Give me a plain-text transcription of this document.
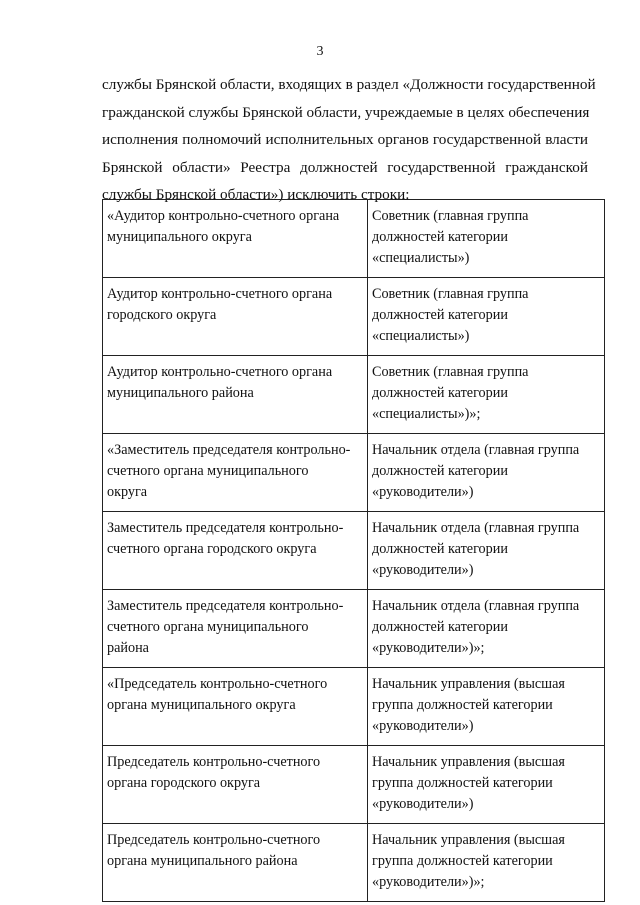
3
службы Брянской области, входящих в раздел «Должности государственной
гражданской службы Брянской области, учреждаемые в целях обеспечения
исполнения полномочий исполнительных органов государственной власти
Брянской области» Реестра должностей государственной гражданской
службы Брянской области») исключить строки:
«Аудитор контрольно-счетного органа
муниципального округа	Советник (главная группа
должностей категории
«специалисты»)

Аудитор контрольно-счетного органа
городского округа	Советник (главная группа
должностей категории
«специалисты»)

Аудитор контрольно-счетного органа
муниципального района	Советник (главная группа
должностей категории
«специалисты»)»;

«Заместитель председателя контрольно-
счетного органа муниципального
округа	Начальник отдела (главная группа
должностей категории
«руководители»)

Заместитель председателя контрольно-
счетного органа городского округа	Начальник отдела (главная группа
должностей категории
«руководители»)

Заместитель председателя контрольно-
счетного органа муниципального
района	Начальник отдела (главная группа
должностей категории
«руководители»)»;

«Председатель контрольно-счетного
органа муниципального округа	Начальник управления (высшая
группа должностей категории
«руководители»)

Председатель контрольно-счетного
органа городского округа	Начальник управления (высшая
группа должностей категории
«руководители»)

Председатель контрольно-счетного
органа муниципального района	Начальник управления (высшая
группа должностей категории
«руководители»)»;
